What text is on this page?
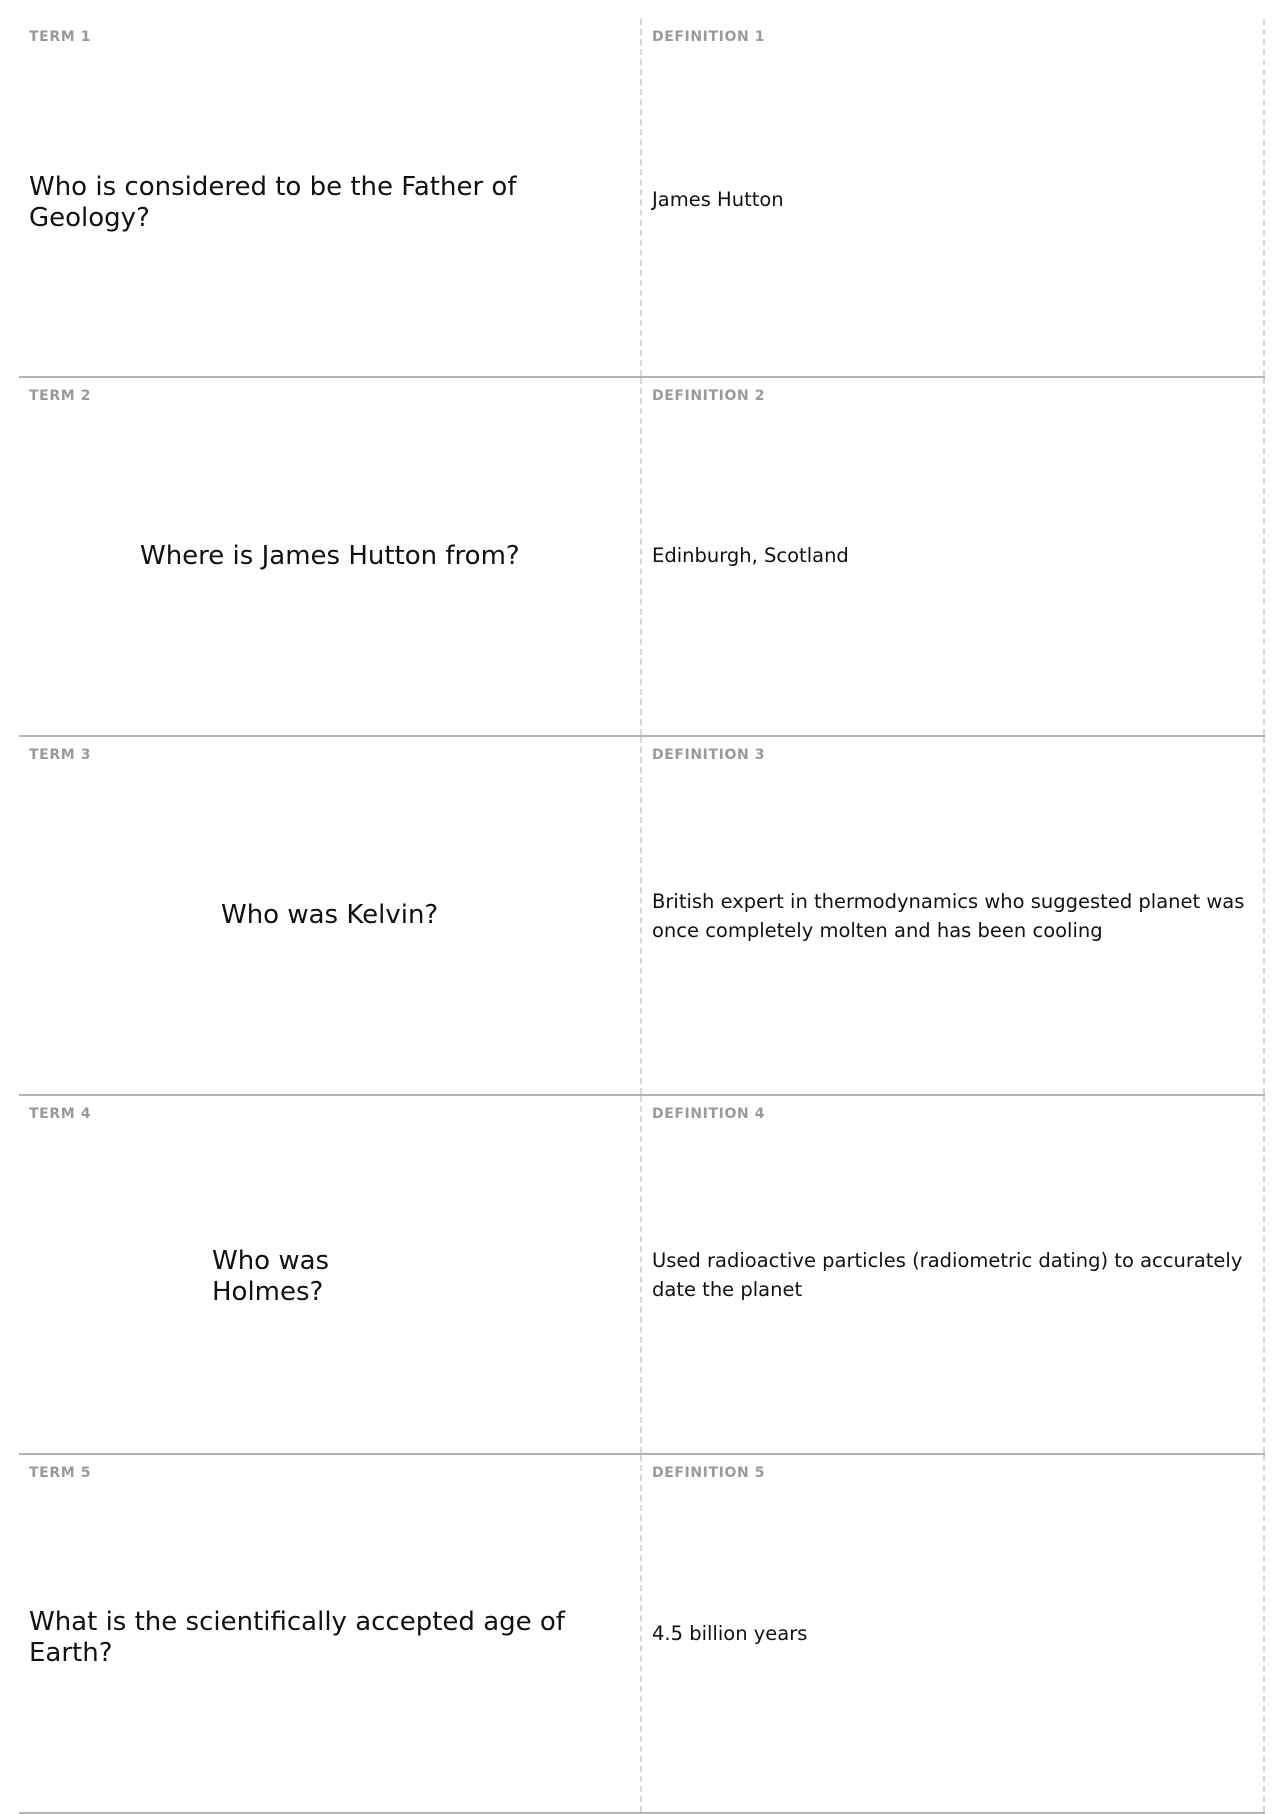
TERM 1
Who is considered to be the Father of Geology?
DEFINITION 1
James Hutton
TERM 2
Where is James Hutton from?
DEFINITION 2
Edinburgh, Scotland
TERM 3
Who was Kelvin?
DEFINITION 3
British expert in thermodynamics who suggested planet was once completely molten and has been cooling
TERM 4
Who was Holmes?
DEFINITION 4
Used radioactive particles (radiometric dating) to accurately date the planet
TERM 5
What is the scientifically accepted age of Earth?
DEFINITION 5
4.5 billion years
